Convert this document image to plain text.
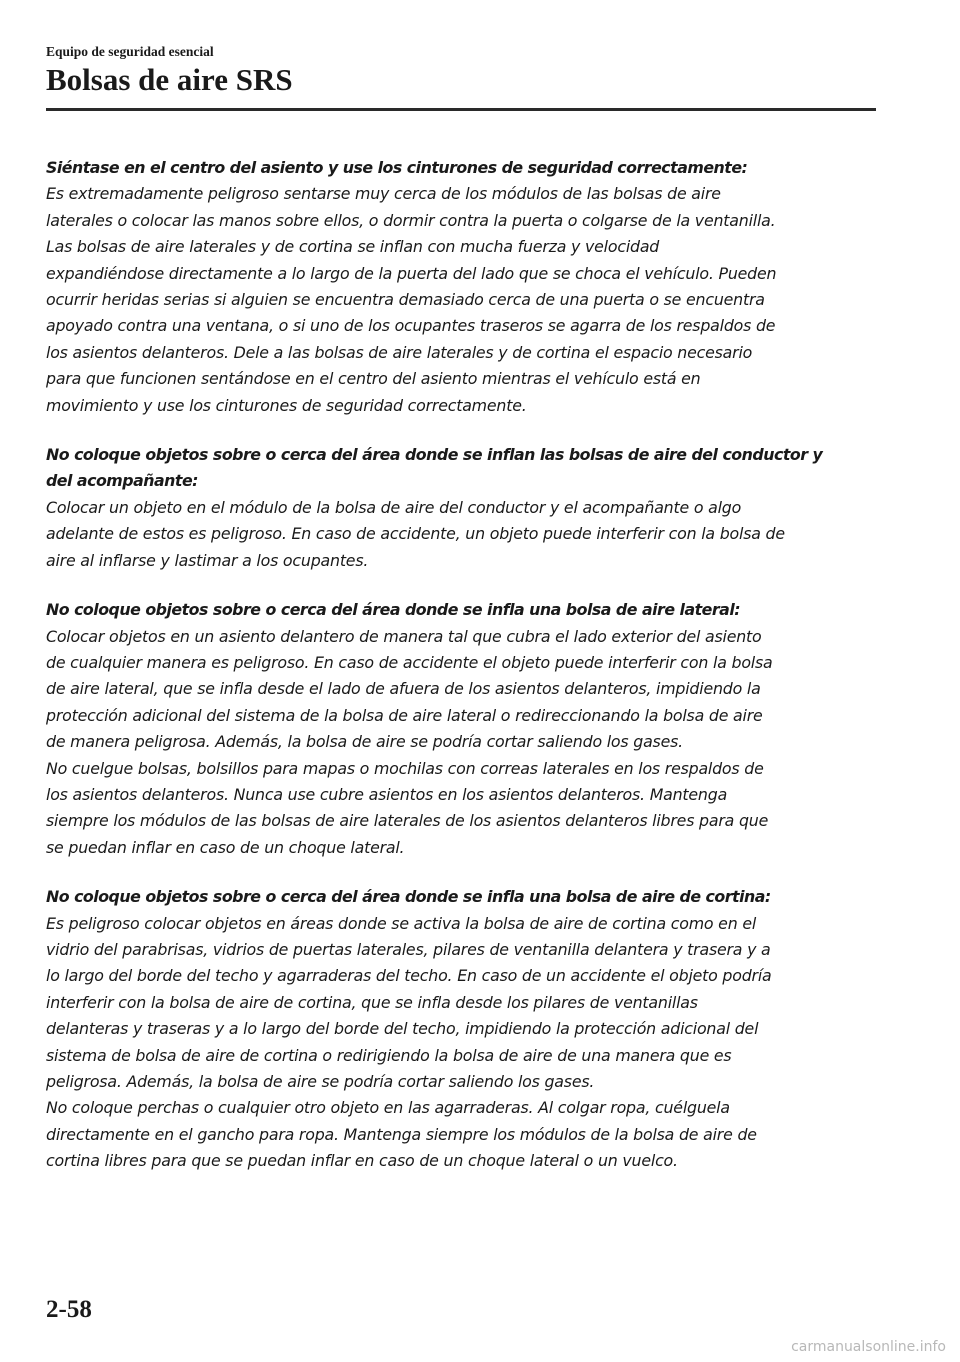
Equipo de seguridad esencial
Bolsas de aire SRS

Siéntase en el centro del asiento y use los cinturones de seguridad correctamente:

Es extremadamente peligroso sentarse muy cerca de los módulos de las bolsas de aire
laterales o colocar las manos sobre ellos, o dormir contra la puerta o colgarse de la ventanilla.
Las bolsas de aire laterales y de cortina se inflan con mucha fuerza y velocidad
expandiéndose directamente a lo largo de la puerta del lado que se choca el vehículo. Pueden
ocurrir heridas serias si alguien se encuentra demasiado cerca de una puerta o se encuentra
apoyado contra una ventana, o si uno de los ocupantes traseros se agarra de los respaldos de
los asientos delanteros. Dele a las bolsas de aire laterales y de cortina el espacio necesario
para que funcionen sentándose en el centro del asiento mientras el vehículo está en
movimiento y use los cinturones de seguridad correctamente.

No coloque objetos sobre o cerca del área donde se inflan las bolsas de aire del conductor y
del acompañante:

Colocar un objeto en el módulo de la bolsa de aire del conductor y el acompañante o algo
adelante de estos es peligroso. En caso de accidente, un objeto puede interferir con la bolsa de
aire al inflarse y lastimar a los ocupantes.

No coloque objetos sobre o cerca del área donde se infla una bolsa de aire lateral:

Colocar objetos en un asiento delantero de manera tal que cubra el lado exterior del asiento
de cualquier manera es peligroso. En caso de accidente el objeto puede interferir con la bolsa
de aire lateral, que se infla desde el lado de afuera de los asientos delanteros, impidiendo la
protección adicional del sistema de la bolsa de aire lateral o redireccionando la bolsa de aire
de manera peligrosa. Además, la bolsa de aire se podría cortar saliendo los gases.
No cuelgue bolsas, bolsillos para mapas o mochilas con correas laterales en los respaldos de
los asientos delanteros. Nunca use cubre asientos en los asientos delanteros. Mantenga
siempre los módulos de las bolsas de aire laterales de los asientos delanteros libres para que
se puedan inflar en caso de un choque lateral.

No coloque objetos sobre o cerca del área donde se infla una bolsa de aire de cortina:

Es peligroso colocar objetos en áreas donde se activa la bolsa de aire de cortina como en el
vidrio del parabrisas, vidrios de puertas laterales, pilares de ventanilla delantera y trasera y a
lo largo del borde del techo y agarraderas del techo. En caso de un accidente el objeto podría
interferir con la bolsa de aire de cortina, que se infla desde los pilares de ventanillas
delanteras y traseras y a lo largo del borde del techo, impidiendo la protección adicional del
sistema de bolsa de aire de cortina o redirigiendo la bolsa de aire de una manera que es
peligrosa. Además, la bolsa de aire se podría cortar saliendo los gases.
No coloque perchas o cualquier otro objeto en las agarraderas. Al colgar ropa, cuélguela
directamente en el gancho para ropa. Mantenga siempre los módulos de la bolsa de aire de
cortina libres para que se puedan inflar en caso de un choque lateral o un vuelco.

2-58
carmanualsonline.info
